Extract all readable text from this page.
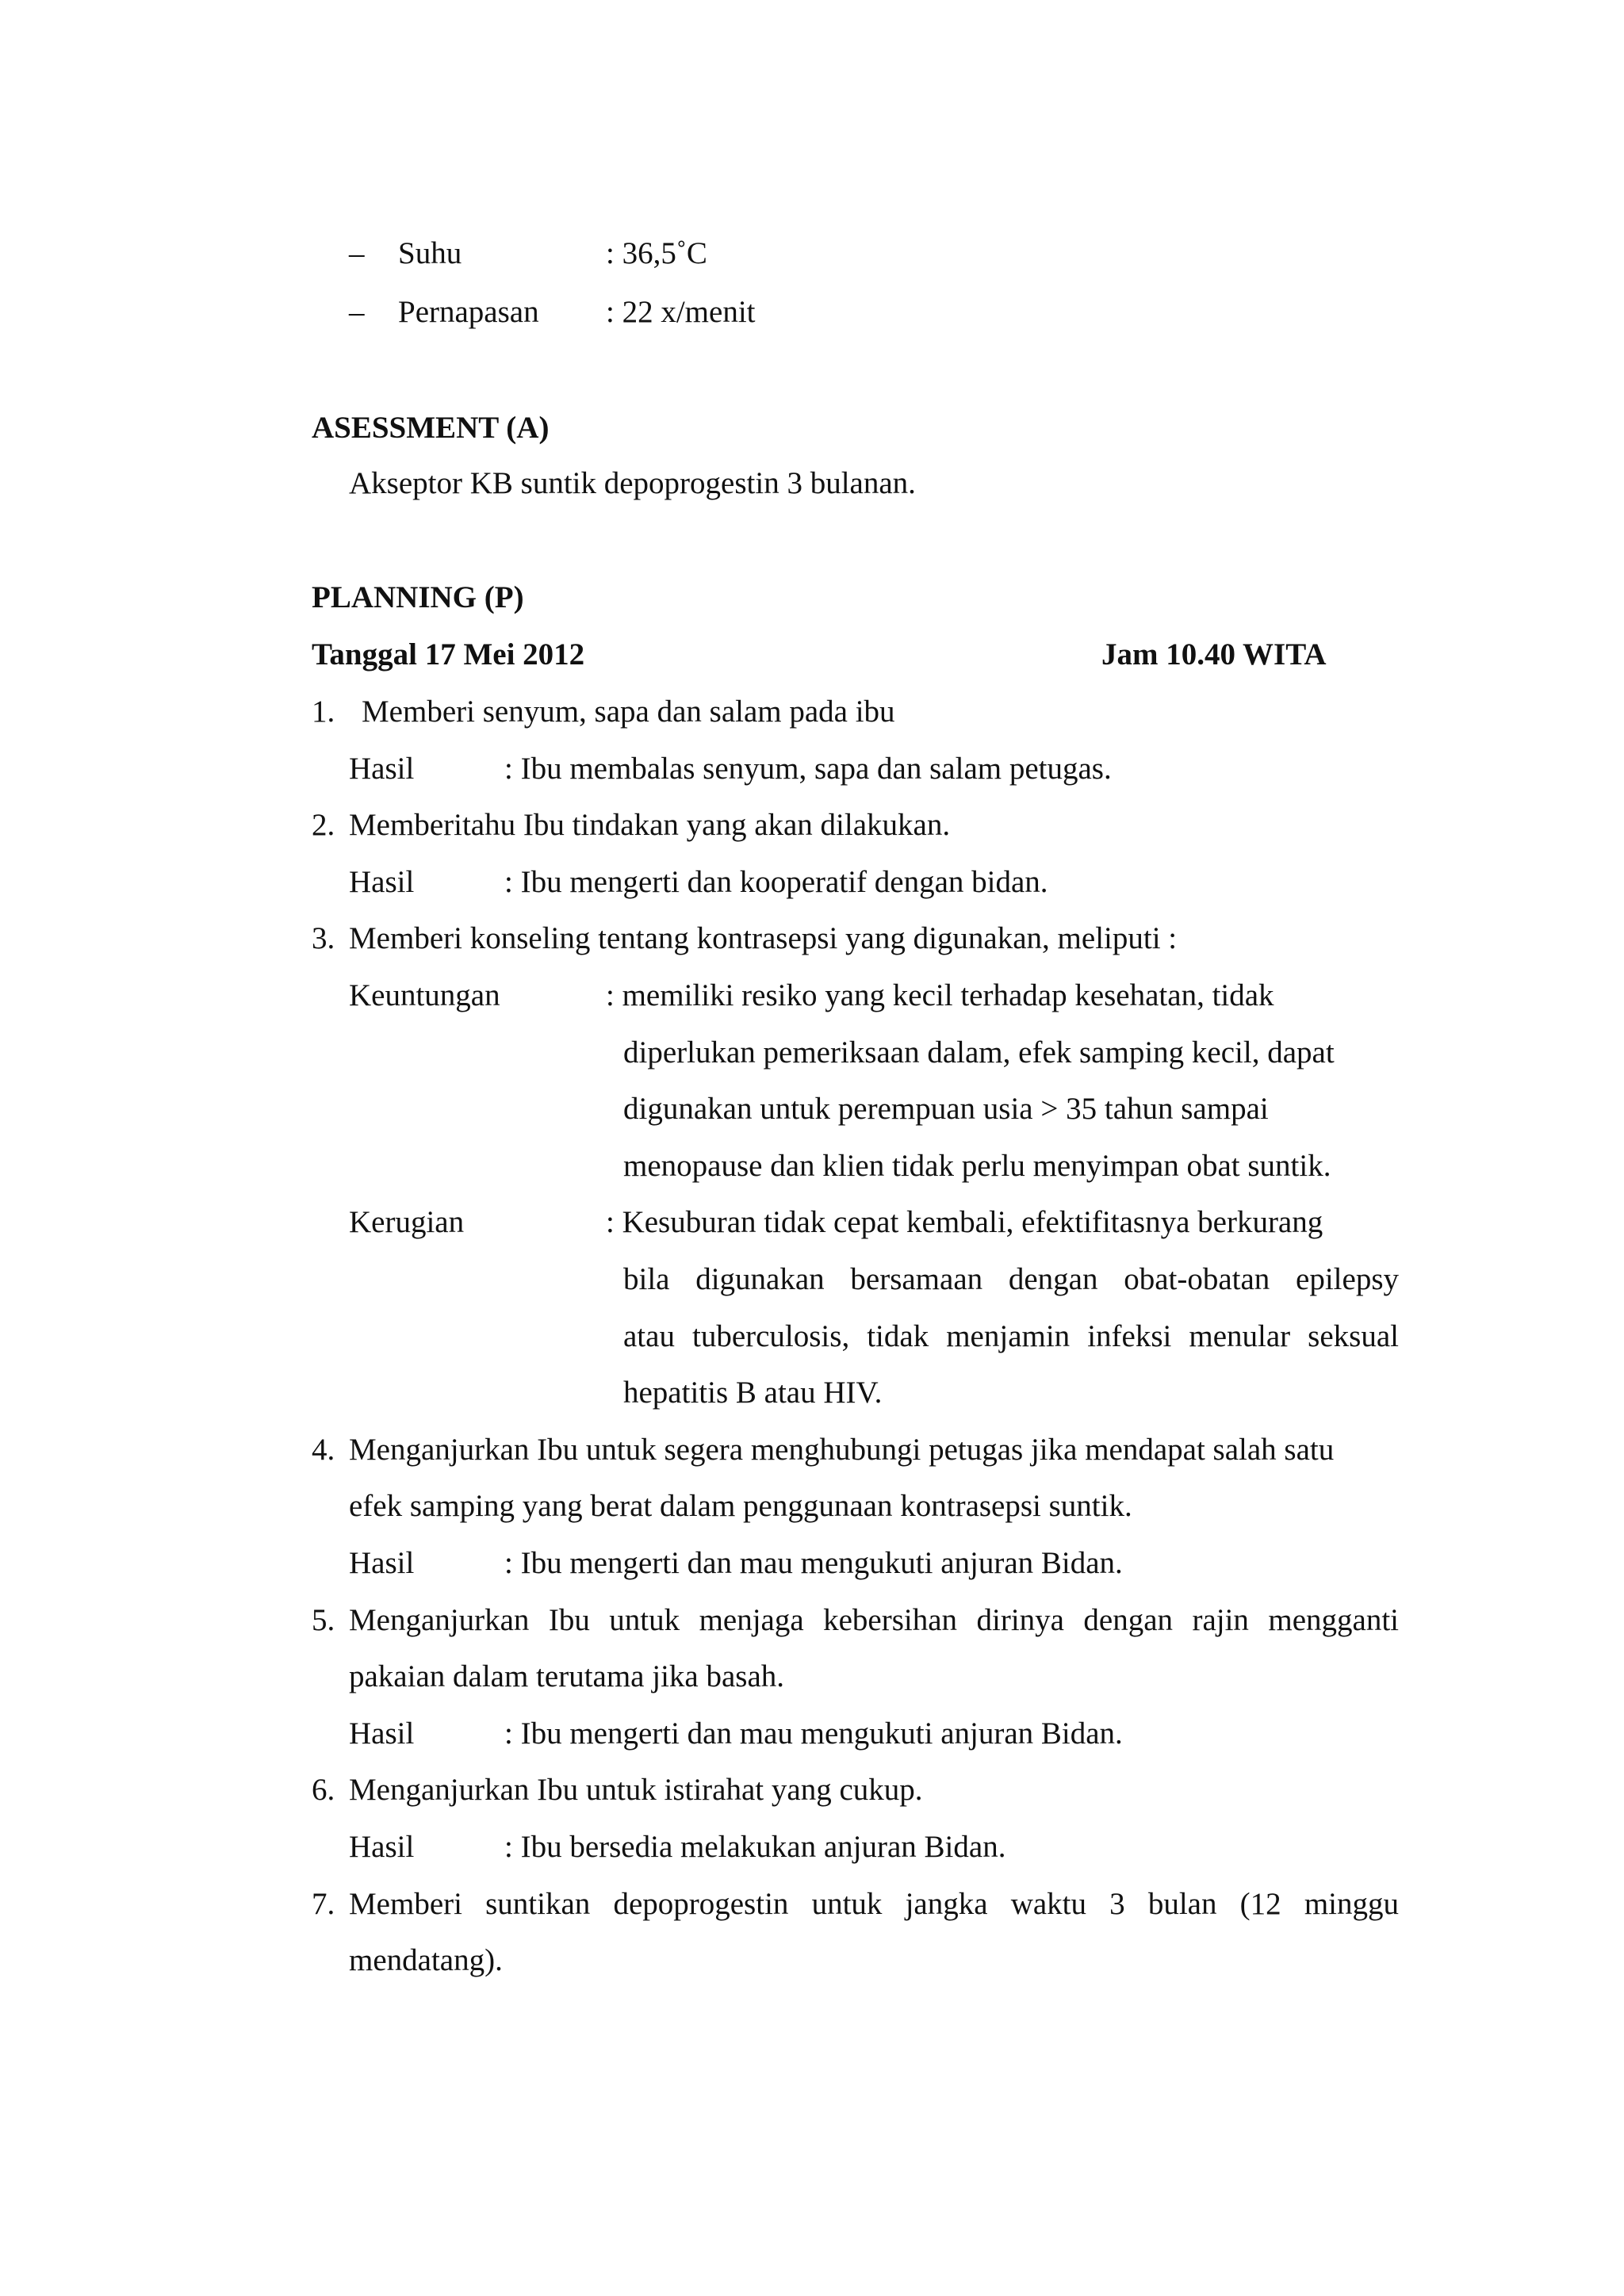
– Suhu	: 36,5˚C
– Pernapasan : 22 x/menit
ASESSMENT (A)
Akseptor KB suntik depoprogestin 3 bulanan.
PLANNING (P)
Tanggal 17 Mei 2012	Jam 10.40 WITA
1. Memberi senyum, sapa dan salam pada ibu
Hasil	: Ibu membalas senyum, sapa dan salam petugas.
2. Memberitahu Ibu tindakan yang akan dilakukan.
Hasil	: Ibu mengerti dan kooperatif dengan bidan.
3. Memberi konseling tentang kontrasepsi yang digunakan, meliputi :
Keuntungan	: memiliki resiko yang kecil terhadap kesehatan, tidak
diperlukan pemeriksaan dalam, efek samping kecil, dapat
digunakan untuk perempuan usia > 35 tahun sampai
menopause dan klien tidak perlu menyimpan obat suntik.
Kerugian	: Kesuburan tidak cepat kembali, efektifitasnya berkurang
bila digunakan bersamaan dengan obat-obatan epilepsy
atau tuberculosis, tidak menjamin infeksi menular seksual
hepatitis B atau HIV.
4. Menganjurkan Ibu untuk segera menghubungi petugas jika mendapat salah satu
efek samping yang berat dalam penggunaan kontrasepsi suntik.
Hasil	: Ibu mengerti dan mau mengukuti anjuran Bidan.
5. Menganjurkan Ibu untuk menjaga kebersihan dirinya dengan rajin mengganti
pakaian dalam terutama jika basah.
Hasil	: Ibu mengerti dan mau mengukuti anjuran Bidan.
6. Menganjurkan Ibu untuk istirahat yang cukup.
Hasil	: Ibu bersedia melakukan anjuran Bidan.
7. Memberi suntikan depoprogestin untuk jangka waktu 3 bulan (12 minggu
mendatang).
